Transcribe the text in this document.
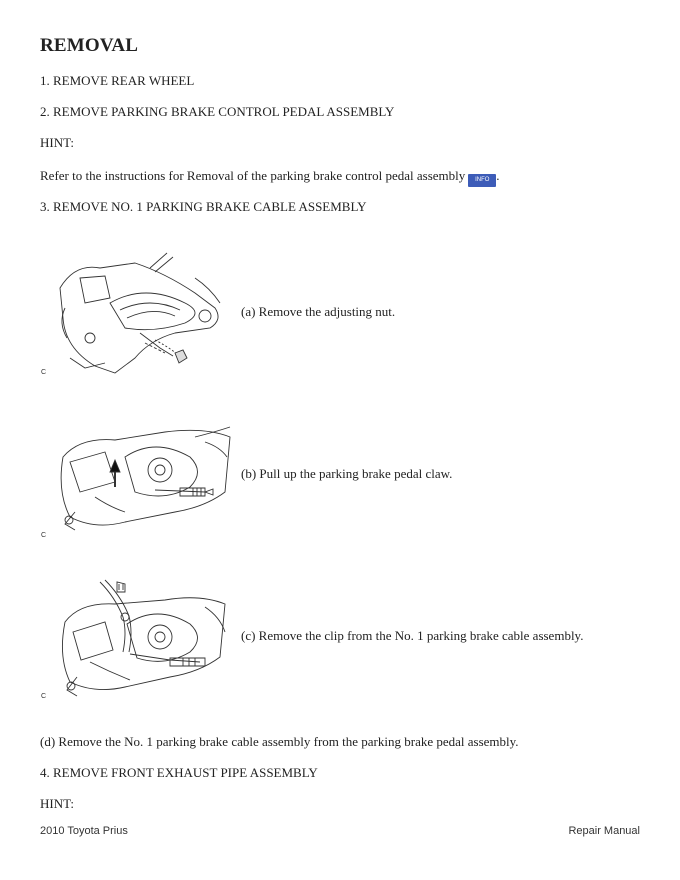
REMOVAL
1. REMOVE REAR WHEEL
2. REMOVE PARKING BRAKE CONTROL PEDAL ASSEMBLY
HINT:
Refer to the instructions for Removal of the parking brake control pedal assembly INFO .
3. REMOVE NO. 1 PARKING BRAKE CABLE ASSEMBLY
C
(a) Remove the adjusting nut.
C
(b) Pull up the parking brake pedal claw.
C
(c) Remove the clip from the No. 1 parking brake cable assembly.
(d) Remove the No. 1 parking brake cable assembly from the parking brake pedal assembly.
4. REMOVE FRONT EXHAUST PIPE ASSEMBLY
HINT:
2010 Toyota Prius	Repair Manual
